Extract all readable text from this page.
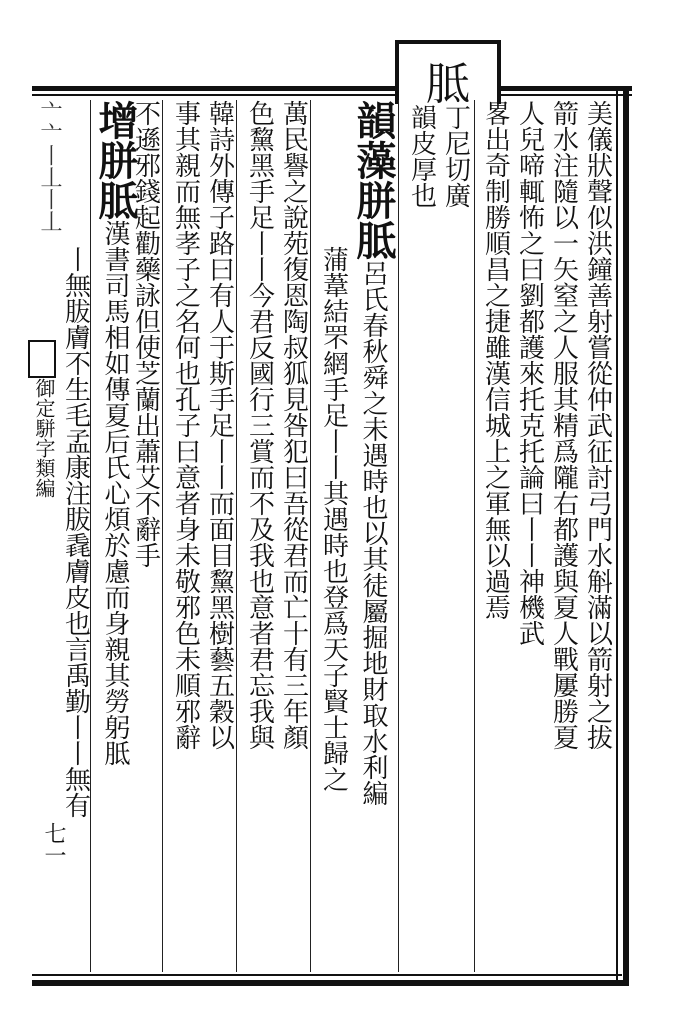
胝
亠亠丨丄丨丄
御定駢字類編
七一
美儀狀聲似洪鐘善射嘗從仲武征討弓門水斛滿以箭射之拔
箭水注隨以一矢窒之人服其精爲隴右都護與夏人戰屢勝夏
人兒啼輒怖之曰劉都護來托克托論曰丨丨神機武
畧出奇制勝順昌之捷雖漢信城上之軍無以過焉
丁尼切廣
韻皮厚也
韻藻胼胝呂氏春秋舜之未遇時也以其徒屬掘地財取水利編
蒲葦結罘網手足丨丨其遇時也登爲天子賢士歸之
萬民譽之說苑復恩陶叔狐見咎犯曰吾從君而亡十有三年顏
色黧黑手足丨丨今君反國行三賞而不及我也意者君忘我與
韓詩外傳子路曰有人于斯手足丨丨而面目黧黑樹藝五穀以
事其親而無孝子之名何也孔子曰意者身未敬邪色未順邪辭
不遜邪錢起勸藥詠但使芝蘭出蕭艾不辭手
增胼胝漢書司馬相如傳夏后氏心煩於慮而身親其勞躬胝
丨無胈膚不生毛孟康注胈毳膚皮也言禹勤丨丨無有
